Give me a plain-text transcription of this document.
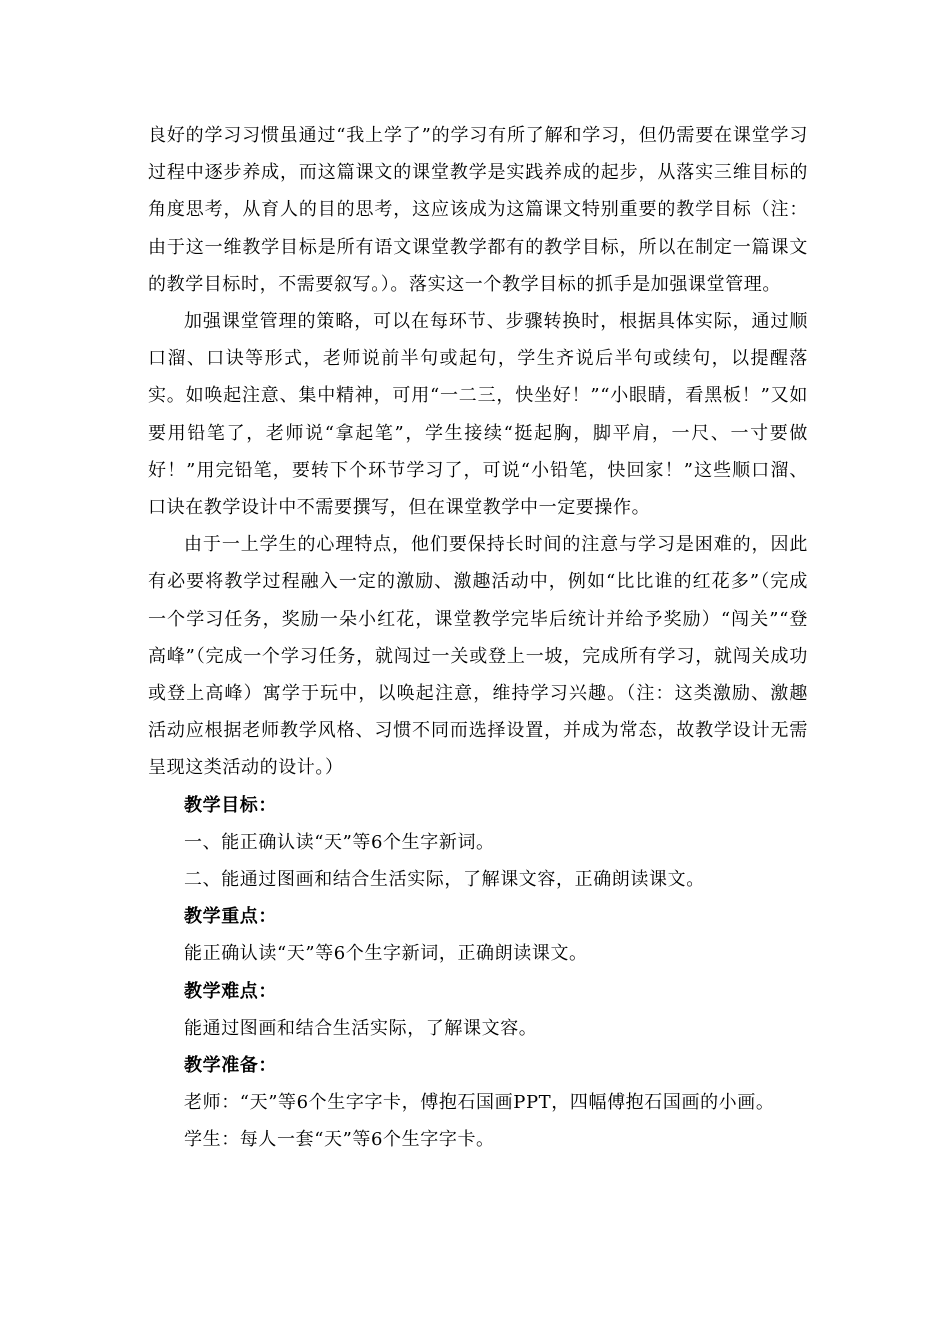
良好的学习习惯虽通过“我上学了”的学习有所了解和学习，但仍需要在课堂学习过程中逐步养成，而这篇课文的课堂教学是实践养成的起步，从落实三维目标的角度思考，从育人的目的思考，这应该成为这篇课文特别重要的教学目标（注：由于这一维教学目标是所有语文课堂教学都有的教学目标，所以在制定一篇课文的教学目标时，不需要叙写。）。落实这一个教学目标的抓手是加强课堂管理。

加强课堂管理的策略，可以在每环节、步骤转换时，根据具体实际，通过顺口溜、口诀等形式，老师说前半句或起句，学生齐说后半句或续句，以提醒落实。如唤起注意、集中精神，可用“一二三，快坐好！”“小眼睛，看黑板！”又如要用铅笔了，老师说“拿起笔”，学生接续“挺起胸，脚平肩，一尺、一寸要做好！”用完铅笔，要转下个环节学习了，可说“小铅笔，快回家！”这些顺口溜、口诀在教学设计中不需要撰写，但在课堂教学中一定要操作。

由于一上学生的心理特点，他们要保持长时间的注意与学习是困难的，因此有必要将教学过程融入一定的激励、激趣活动中，例如“比比谁的红花多”（完成一个学习任务，奖励一朵小红花，课堂教学完毕后统计并给予奖励）“闯关”“登高峰”（完成一个学习任务，就闯过一关或登上一坡，完成所有学习，就闯关成功或登上高峰）寓学于玩中，以唤起注意，维持学习兴趣。（注：这类激励、激趣活动应根据老师教学风格、习惯不同而选择设置，并成为常态，故教学设计无需呈现这类活动的设计。）

教学目标：

一、能正确认读“天”等6个生字新词。

二、能通过图画和结合生活实际，了解课文容，正确朗读课文。

教学重点：

能正确认读“天”等6个生字新词，正确朗读课文。

教学难点：

能通过图画和结合生活实际，了解课文容。

教学准备：

老师：“天”等6个生字字卡，傅抱石国画PPT，四幅傅抱石国画的小画。

学生：每人一套“天”等6个生字字卡。
